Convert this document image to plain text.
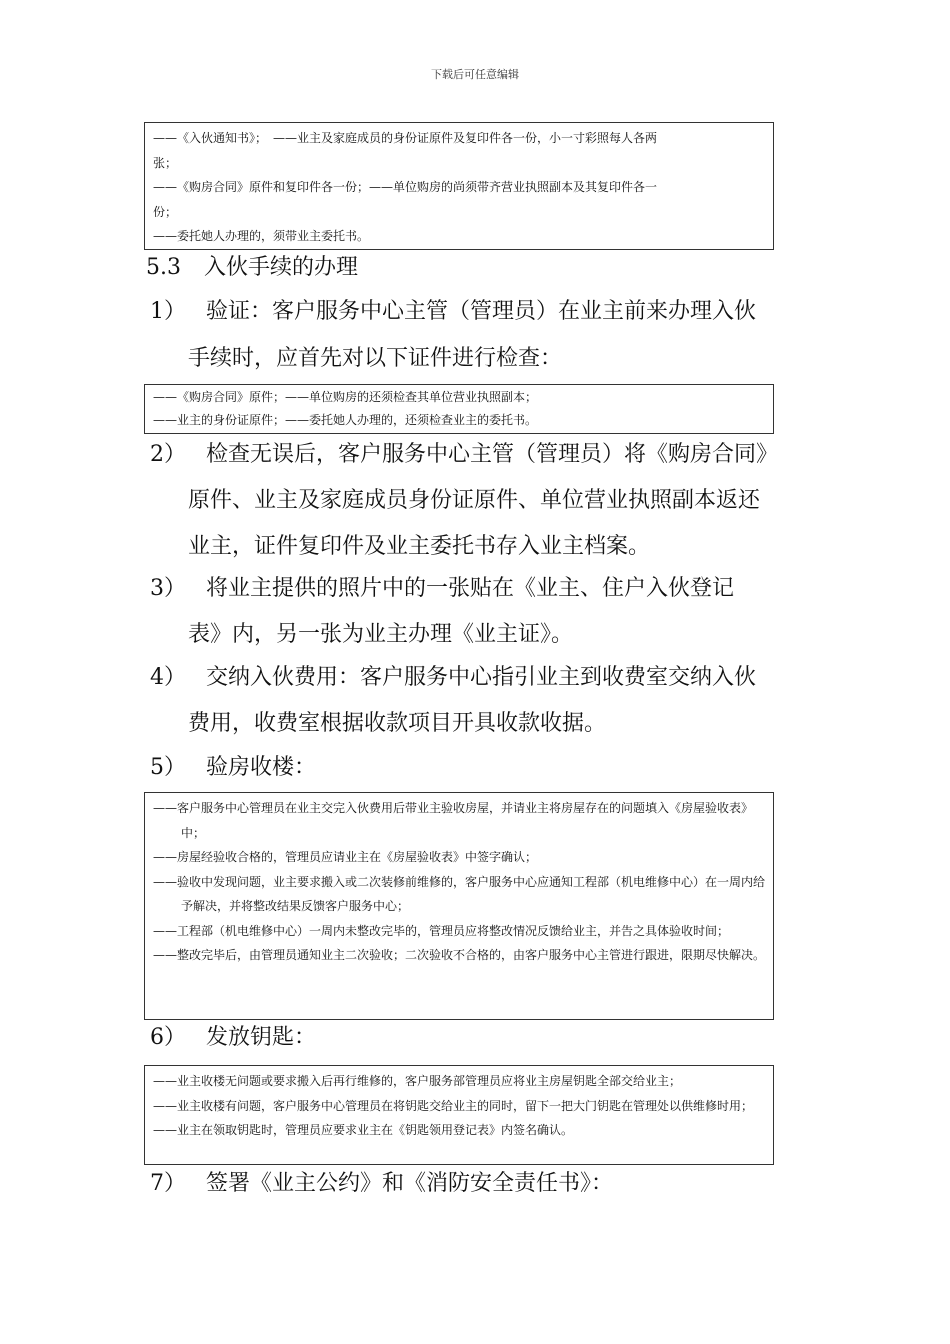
下载后可任意编辑

——《入伙通知书》；　——业主及家庭成员的身份证原件及复印件各一份，小一寸彩照每人各两

张；

——《购房合同》原件和复印件各一份；——单位购房的尚须带齐营业执照副本及其复印件各一

份；

——委托她人办理的，须带业主委托书。

5.3 入伙手续的办理
1） 验证：客户服务中心主管（管理员）在业主前来办理入伙
手续时，应首先对以下证件进行检查：

——《购房合同》原件；——单位购房的还须检查其单位营业执照副本；

——业主的身份证原件；——委托她人办理的，还须检查业主的委托书。

2） 检查无误后，客户服务中心主管（管理员）将《购房合同》
原件、业主及家庭成员身份证原件、单位营业执照副本返还
业主，证件复印件及业主委托书存入业主档案。
3） 将业主提供的照片中的一张贴在《业主、住户入伙登记
表》内，另一张为业主办理《业主证》。
4） 交纳入伙费用：客户服务中心指引业主到收费室交纳入伙
费用，收费室根据收款项目开具收款收据。
5） 验房收楼：

——客户服务中心管理员在业主交完入伙费用后带业主验收房屋，并请业主将房屋存在的问题填入《房屋验收表》中；

——房屋经验收合格的，管理员应请业主在《房屋验收表》中签字确认；

——验收中发现问题，业主要求搬入或二次装修前维修的，客户服务中心应通知工程部（机电维修中心）在一周内给予解决，并将整改结果反馈客户服务中心；

——工程部（机电维修中心）一周内未整改完毕的，管理员应将整改情况反馈给业主，并告之具体验收时间；

——整改完毕后，由管理员通知业主二次验收；二次验收不合格的，由客户服务中心主管进行跟进，限期尽快解决。

6） 发放钥匙：

——业主收楼无问题或要求搬入后再行维修的，客户服务部管理员应将业主房屋钥匙全部交给业主；

——业主收楼有问题，客户服务中心管理员在将钥匙交给业主的同时，留下一把大门钥匙在管理处以供维修时用；

——业主在领取钥匙时，管理员应要求业主在《钥匙领用登记表》内签名确认。

7） 签署《业主公约》和《消防安全责任书》：
